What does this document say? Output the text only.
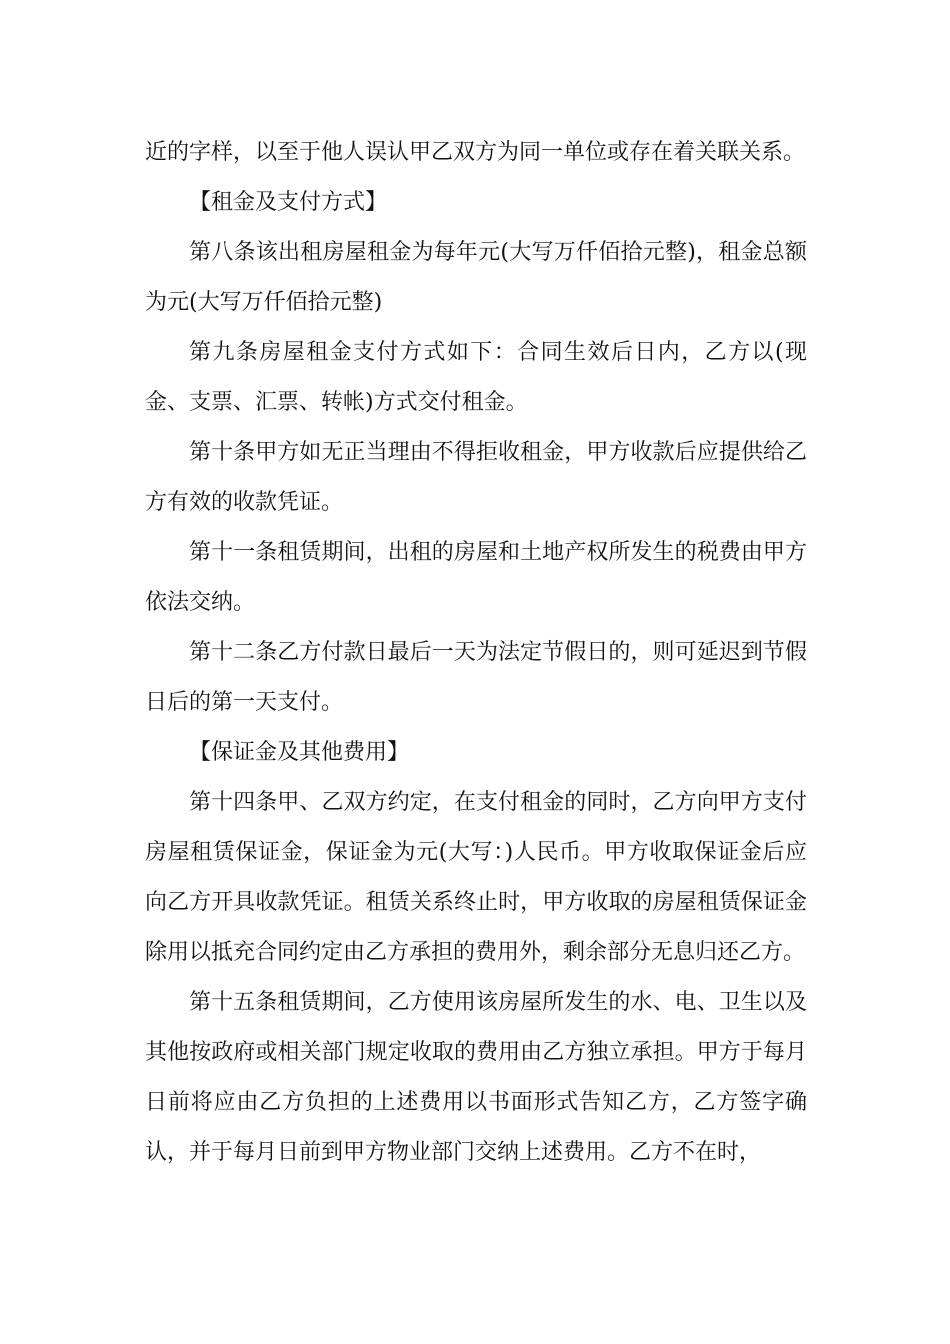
近的字样，以至于他人误认甲乙双方为同一单位或存在着关联关系。

【租金及支付方式】

第八条该出租房屋租金为每年元(大写万仟佰拾元整)，租金总额为元(大写万仟佰拾元整)

第九条房屋租金支付方式如下：合同生效后日内，乙方以(现金、支票、汇票、转帐)方式交付租金。

第十条甲方如无正当理由不得拒收租金，甲方收款后应提供给乙方有效的收款凭证。

第十一条租赁期间，出租的房屋和土地产权所发生的税费由甲方依法交纳。

第十二条乙方付款日最后一天为法定节假日的，则可延迟到节假日后的第一天支付。

【保证金及其他费用】

第十四条甲、乙双方约定，在支付租金的同时，乙方向甲方支付房屋租赁保证金，保证金为元(大写：)人民币。甲方收取保证金后应向乙方开具收款凭证。租赁关系终止时，甲方收取的房屋租赁保证金除用以抵充合同约定由乙方承担的费用外，剩余部分无息归还乙方。

第十五条租赁期间，乙方使用该房屋所发生的水、电、卫生以及其他按政府或相关部门规定收取的费用由乙方独立承担。甲方于每月日前将应由乙方负担的上述费用以书面形式告知乙方，乙方签字确认，并于每月日前到甲方物业部门交纳上述费用。乙方不在时，
